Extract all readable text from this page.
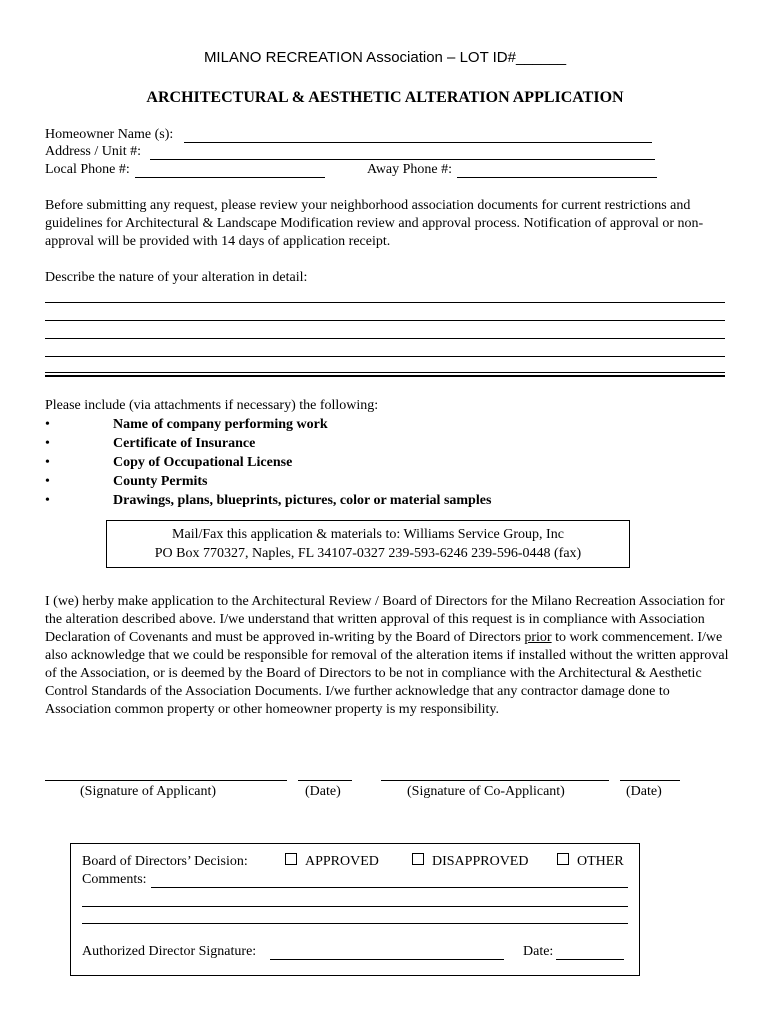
MILANO RECREATION Association – LOT ID#______
ARCHITECTURAL & AESTHETIC ALTERATION APPLICATION
Homeowner Name (s):
Address / Unit #:
Local Phone #:	Away Phone #:
Before submitting any request, please review your neighborhood association documents for current restrictions and guidelines for Architectural & Landscape Modification review and approval process. Notification of approval or non-approval will be provided with 14 days of application receipt.
Describe the nature of your alteration in detail:
Please include (via attachments if necessary) the following:
•	Name of company performing work
•	Certificate of Insurance
•	Copy of Occupational License
•	County Permits
•	Drawings, plans, blueprints, pictures, color or material samples
Mail/Fax this application & materials to: Williams Service Group, Inc
PO Box 770327, Naples, FL 34107-0327 239-593-6246 239-596-0448 (fax)
I (we) herby make application to the Architectural Review / Board of Directors for the Milano Recreation Association for the alteration described above. I/we understand that written approval of this request is in compliance with Association Declaration of Covenants and must be approved in-writing by the Board of Directors prior to work commencement. I/we also acknowledge that we could be responsible for removal of the alteration items if installed without the written approval of the Association, or is deemed by the Board of Directors to be not in compliance with the Architectural & Aesthetic Control Standards of the Association Documents. I/we further acknowledge that any contractor damage done to Association common property or other homeowner property is my responsibility.
(Signature of Applicant)	(Date)	(Signature of Co-Applicant)	(Date)
Board of Directors’ Decision:	APPROVED	DISAPPROVED	OTHER
Comments:
Authorized Director Signature:	Date:
